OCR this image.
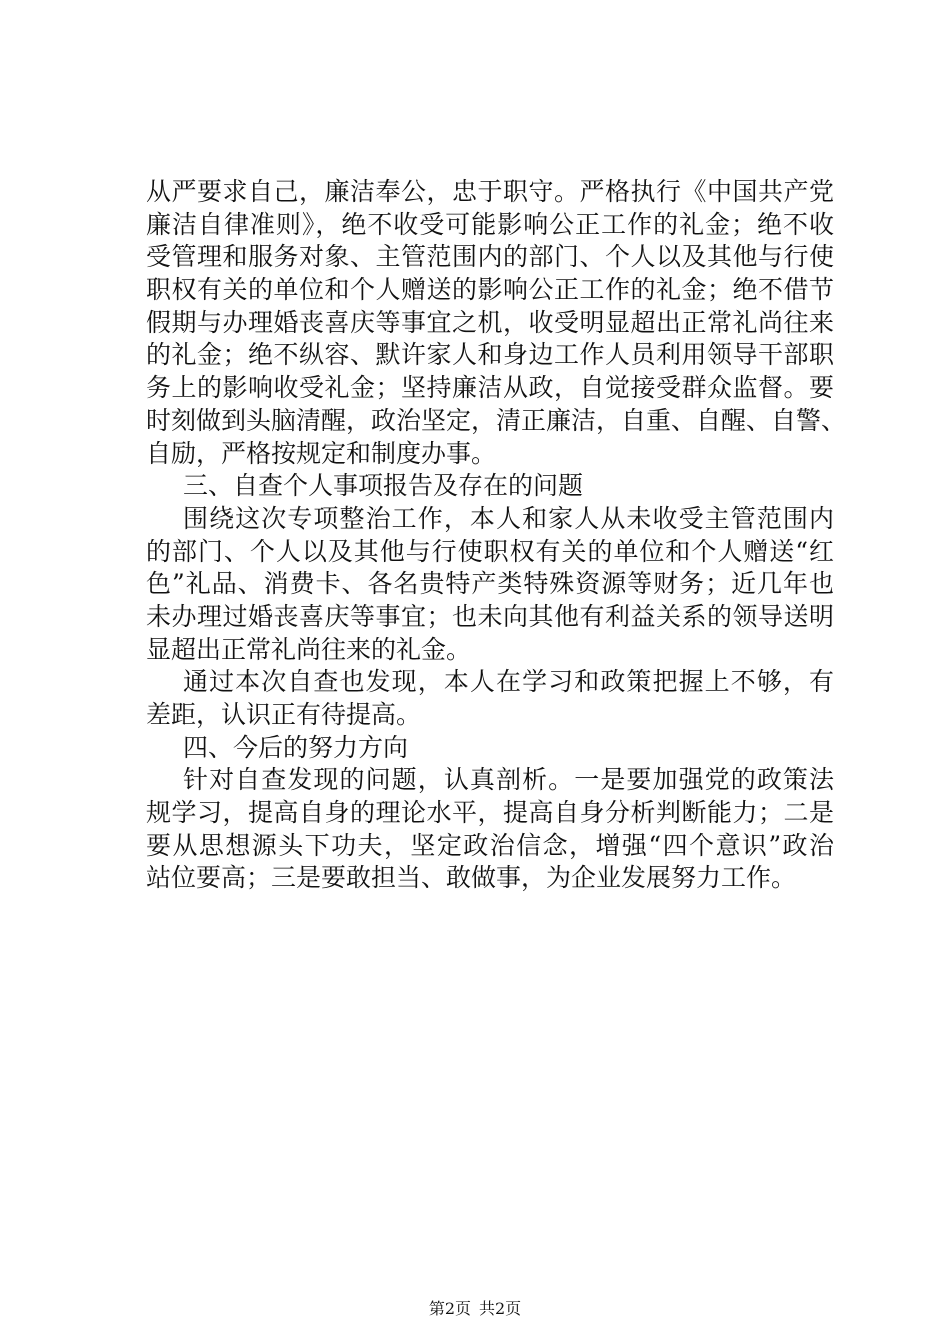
从严要求自己，廉洁奉公，忠于职守。严格执行《中国共产党
廉洁自律准则》，绝不收受可能影响公正工作的礼金；绝不收
受管理和服务对象、主管范围内的部门、个人以及其他与行使
职权有关的单位和个人赠送的影响公正工作的礼金；绝不借节
假期与办理婚丧喜庆等事宜之机，收受明显超出正常礼尚往来
的礼金；绝不纵容、默许家人和身边工作人员利用领导干部职
务上的影响收受礼金；坚持廉洁从政，自觉接受群众监督。要
时刻做到头脑清醒，政治坚定，清正廉洁，自重、自醒、自警、
自励，严格按规定和制度办事。
三、自查个人事项报告及存在的问题
围绕这次专项整治工作，本人和家人从未收受主管范围内
的部门、个人以及其他与行使职权有关的单位和个人赠送“红
色”礼品、消费卡、各名贵特产类特殊资源等财务；近几年也
未办理过婚丧喜庆等事宜；也未向其他有利益关系的领导送明
显超出正常礼尚往来的礼金。
通过本次自查也发现，本人在学习和政策把握上不够，有
差距，认识正有待提高。
四、今后的努力方向
针对自查发现的问题，认真剖析。一是要加强党的政策法
规学习，提高自身的理论水平，提高自身分析判断能力；二是
要从思想源头下功夫，坚定政治信念，增强“四个意识”政治
站位要高；三是要敢担当、敢做事，为企业发展努力工作。
第2页 共2页
